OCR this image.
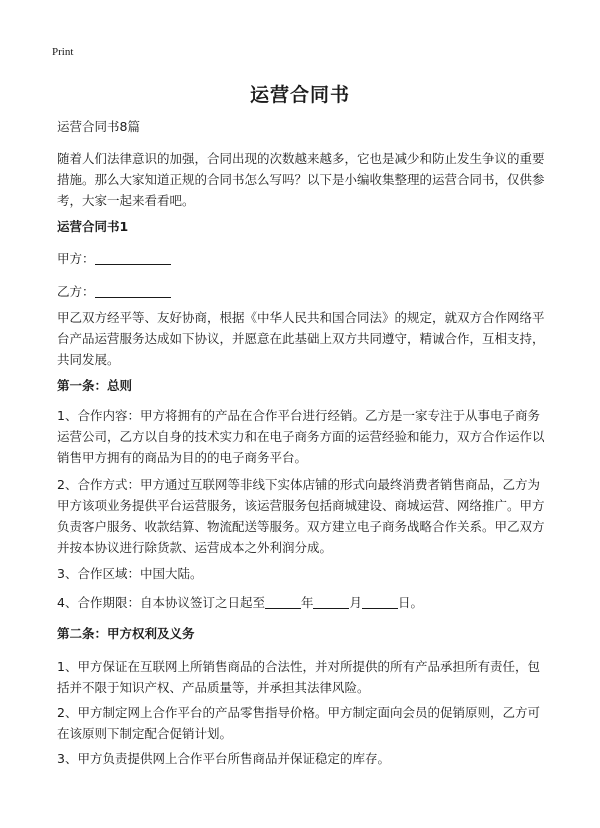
Print
运营合同书
运营合同书8篇
随着人们法律意识的加强，合同出现的次数越来越多，它也是减少和防止发生争议的重要措施。那么大家知道正规的合同书怎么写吗？以下是小编收集整理的运营合同书，仅供参考，大家一起来看看吧。
运营合同书1
甲方：
乙方：
甲乙双方经平等、友好协商，根据《中华人民共和国合同法》的规定，就双方合作网络平台产品运营服务达成如下协议，并愿意在此基础上双方共同遵守，精诚合作，互相支持，共同发展。
第一条：总则
1、合作内容：甲方将拥有的产品在合作平台进行经销。乙方是一家专注于从事电子商务运营公司，乙方以自身的技术实力和在电子商务方面的运营经验和能力，双方合作运作以销售甲方拥有的商品为目的的电子商务平台。
2、合作方式：甲方通过互联网等非线下实体店铺的形式向最终消费者销售商品，乙方为甲方该项业务提供平台运营服务，该运营服务包括商城建设、商城运营、网络推广。甲方负责客户服务、收款结算、物流配送等服务。双方建立电子商务战略合作关系。甲乙双方并按本协议进行除货款、运营成本之外利润分成。
3、合作区域：中国大陆。
4、合作期限：自本协议签订之日起至	年	月	日。
第二条：甲方权利及义务
1、甲方保证在互联网上所销售商品的合法性，并对所提供的所有产品承担所有责任，包括并不限于知识产权、产品质量等，并承担其法律风险。
2、甲方制定网上合作平台的产品零售指导价格。甲方制定面向会员的促销原则，乙方可在该原则下制定配合促销计划。
3、甲方负责提供网上合作平台所售商品并保证稳定的库存。
